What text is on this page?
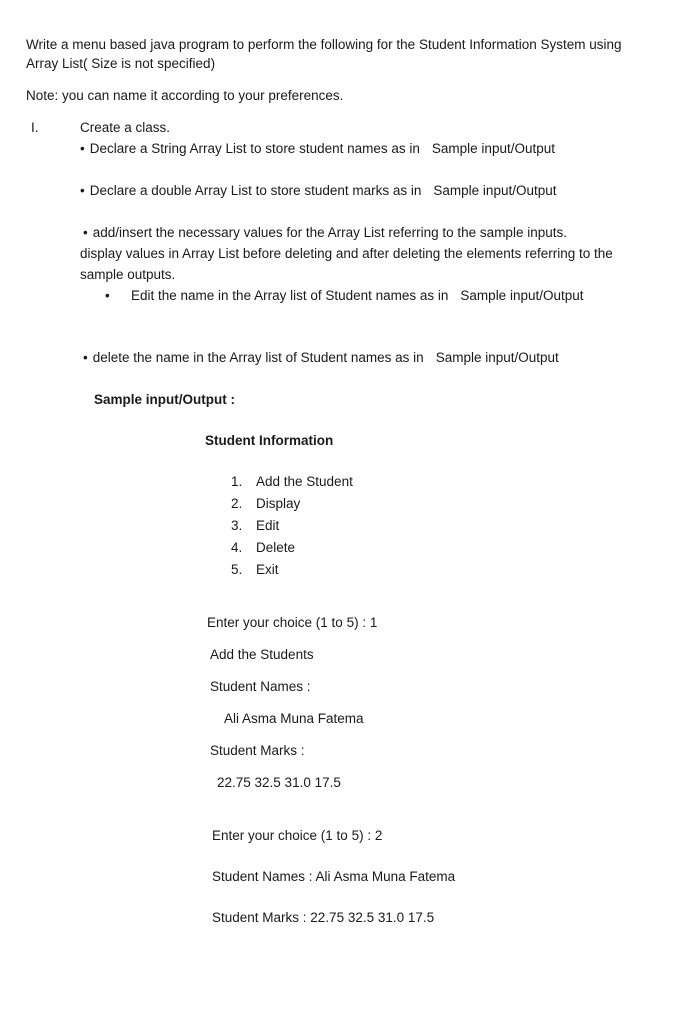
Write a menu based java program to perform the following for the Student Information System using
Array List( Size is not specified)
Note: you can name it according to your preferences.
I.	Create a class.
• Declare a String Array List to store student names as in Sample input/Output
• Declare a double Array List to store student marks as in Sample input/Output
• add/insert the necessary values for the Array List referring to the sample inputs.
display values in Array List before deleting and after deleting the elements referring to the
sample outputs.
• Edit the name in the Array list of Student names as in Sample input/Output
• delete the name in the Array list of Student names as in Sample input/Output
Sample input/Output :
Student Information
1. Add the Student
2. Display
3. Edit
4. Delete
5. Exit
Enter your choice (1 to 5) : 1
Add the Students
Student Names :
Ali Asma Muna Fatema
Student Marks :
22.75 32.5 31.0 17.5
Enter your choice (1 to 5) : 2
Student Names : Ali Asma Muna Fatema
Student Marks : 22.75 32.5 31.0 17.5
